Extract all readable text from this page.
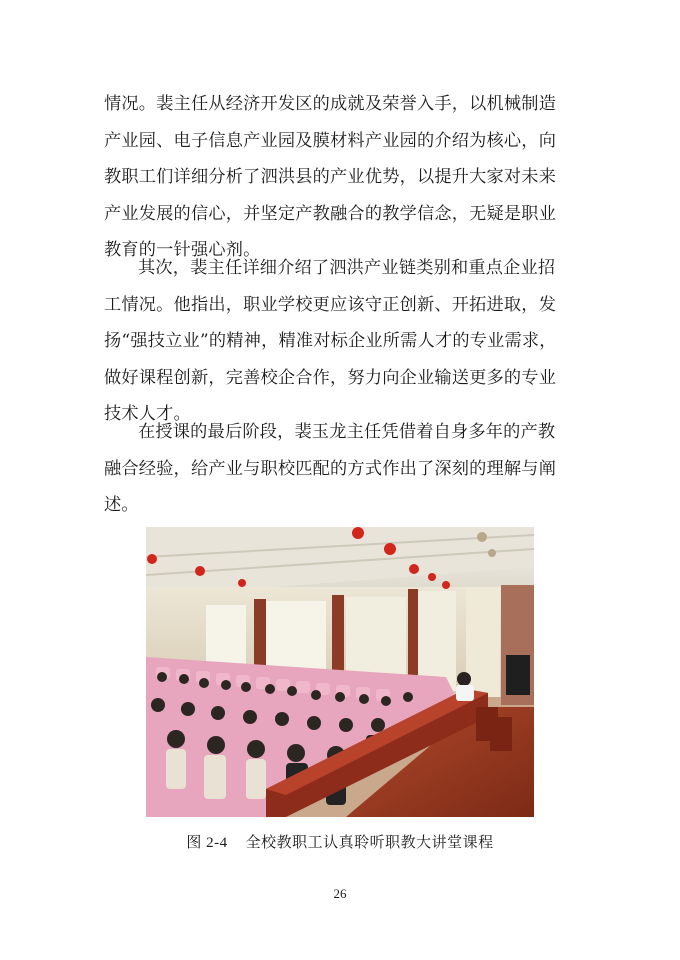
情况。裴主任从经济开发区的成就及荣誉入手，以机械制造
产业园、电子信息产业园及膜材料产业园的介绍为核心，向
教职工们详细分析了泗洪县的产业优势，以提升大家对未来
产业发展的信心，并坚定产教融合的教学信念，无疑是职业
教育的一针强心剂。

其次，裴主任详细介绍了泗洪产业链类别和重点企业招
工情况。他指出，职业学校更应该守正创新、开拓进取，发
扬“强技立业”的精神，精准对标企业所需人才的专业需求，
做好课程创新，完善校企合作，努力向企业输送更多的专业
技术人才。

在授课的最后阶段，裴玉龙主任凭借着自身多年的产教
融合经验，给产业与职校匹配的方式作出了深刻的理解与阐
述。

图 2-4 全校教职工认真聆听职教大讲堂课程
26
